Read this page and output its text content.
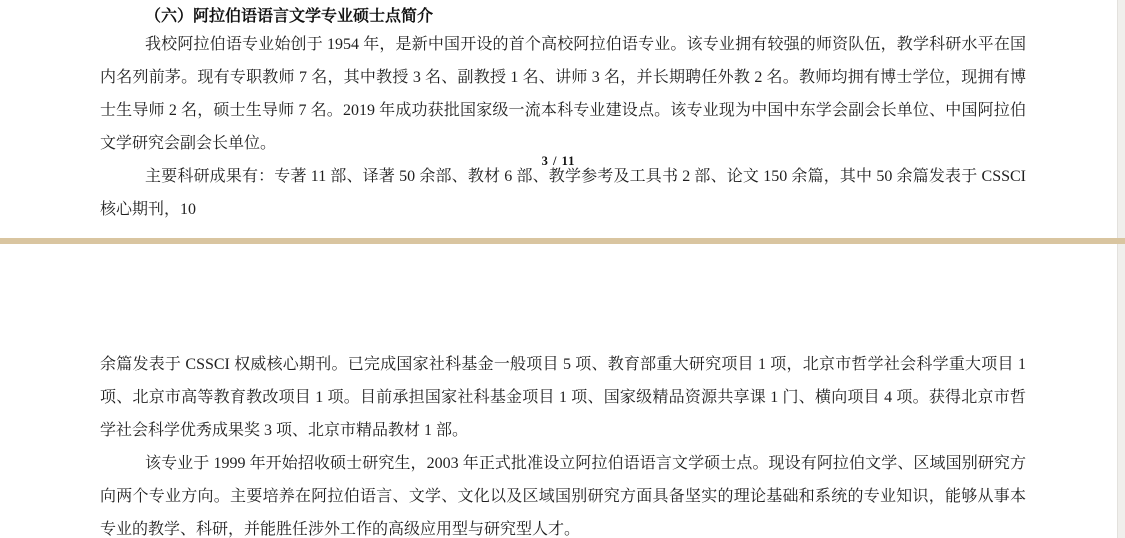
（六）阿拉伯语语言文学专业硕士点简介

我校阿拉伯语专业始创于 1954 年，是新中国开设的首个高校阿拉伯语专业。该专业拥有较强的师资队伍，教学科研水平在国内名列前茅。现有专职教师 7 名，其中教授 3 名、副教授 1 名、讲师 3 名，并长期聘任外教 2 名。教师均拥有博士学位，现拥有博士生导师 2 名，硕士生导师 7 名。2019 年成功获批国家级一流本科专业建设点。该专业现为中国中东学会副会长单位、中国阿拉伯文学研究会副会长单位。

主要科研成果有：专著 11 部、译著 50 余部、教材 6 部、教学参考及工具书 2 部、论文 150 余篇，其中 50 余篇发表于 CSSCI 核心期刊，10

3 / 11

余篇发表于 CSSCI 权威核心期刊。已完成国家社科基金一般项目 5 项、教育部重大研究项目 1 项，北京市哲学社会科学重大项目 1 项、北京市高等教育教改项目 1 项。目前承担国家社科基金项目 1 项、国家级精品资源共享课 1 门、横向项目 4 项。获得北京市哲学社会科学优秀成果奖 3 项、北京市精品教材 1 部。

该专业于 1999 年开始招收硕士研究生，2003 年正式批准设立阿拉伯语语言文学硕士点。现设有阿拉伯文学、区域国别研究方向两个专业方向。主要培养在阿拉伯语言、文学、文化以及区域国别研究方面具备坚实的理论基础和系统的专业知识，能够从事本专业的教学、科研，并能胜任涉外工作的高级应用型与研究型人才。
